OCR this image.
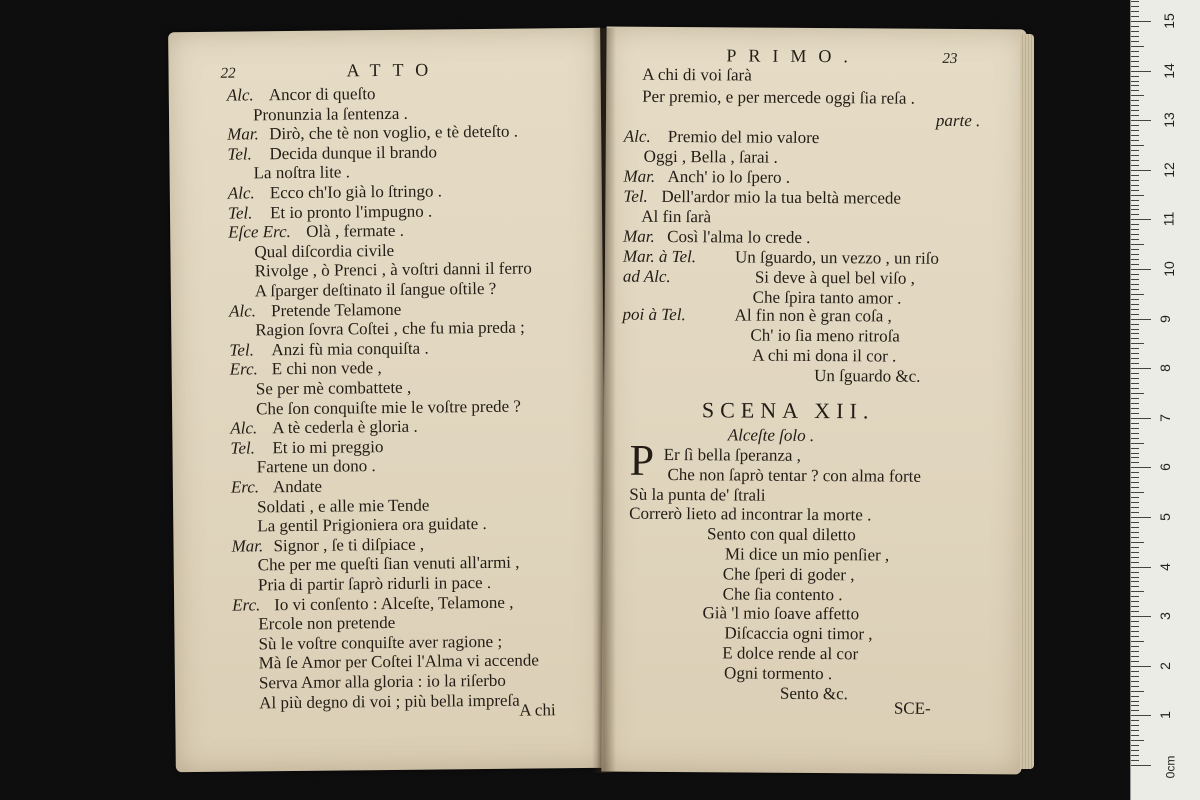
22	ATTO
Alc. Ancor di queſto
Pronunzia la ſentenza .
Mar. Dirò, che tè non voglio, e tè deteſto .
Tel. Decida dunque il brando
La noſtra lite .
Alc. Ecco ch'Io già lo ſtringo .
Tel. Et io pronto l'impugno .
Eſce Erc. Olà , fermate .
Qual diſcordia civile
Rivolge , ò Prenci , à voſtri danni il ferro
A ſparger deſtinato il ſangue oſtile ?
Alc. Pretende Telamone
Ragion ſovra Coſtei , che fu mia preda ;
Tel. Anzi fù mia conquiſta .
Erc. E chi non vede ,
Se per mè combattete ,
Che ſon conquiſte mie le voſtre prede ?
Alc. A tè cederla è gloria .
Tel. Et io mi preggio
Fartene un dono .
Erc. Andate
Soldati , e alle mie Tende
La gentil Prigioniera ora guidate .
Mar. Signor , ſe ti diſpiace ,
Che per me queſti ſian venuti all'armi ,
Pria di partir ſaprò ridurli in pace .
Erc. Io vi conſento : Alceſte, Telamone ,
Ercole non pretende
Sù le voſtre conquiſte aver ragione ;
Mà ſe Amor per Coſtei l'Alma vi accende
Serva Amor alla gloria : io la riſerbo
Al più degno di voi ; più bella impreſa A chi
PRIMO.	23
A chi di voi ſarà
Per premio, e per mercede oggi ſia reſa .
parte .
Alc. Premio del mio valore
Oggi , Bella , ſarai .
Mar. Anch' io lo ſpero .
Tel. Dell'ardor mio la tua beltà mercede
Al fin ſarà
Mar. Così l'alma lo crede .
Mar. à Tel. Un ſguardo, un vezzo , un riſo
ad Alc.	Si deve à quel bel viſo ,
Che ſpira tanto amor .
poi à Tel.	Al fin non è gran coſa ,
Ch' io ſia meno ritroſa
A chi mi dona il cor .
Un ſguardo &c.
SCENA XII.
Alceſte ſolo .
P Er ſì bella ſperanza ,
Che non ſaprò tentar ? con alma forte
Sù la punta de' ſtrali
Correrò lieto ad incontrar la morte .
Sento con qual diletto
Mi dice un mio penſier ,
Che ſperi di goder ,
Che ſia contento .
Già 'l mio ſoave affetto
Diſcaccia ogni timor ,
E dolce rende al cor
Ogni tormento .
Sento &c.
SCE-
0cm
1
2
3
4
5
6
7
8
9
10
11
12
13
14
15
